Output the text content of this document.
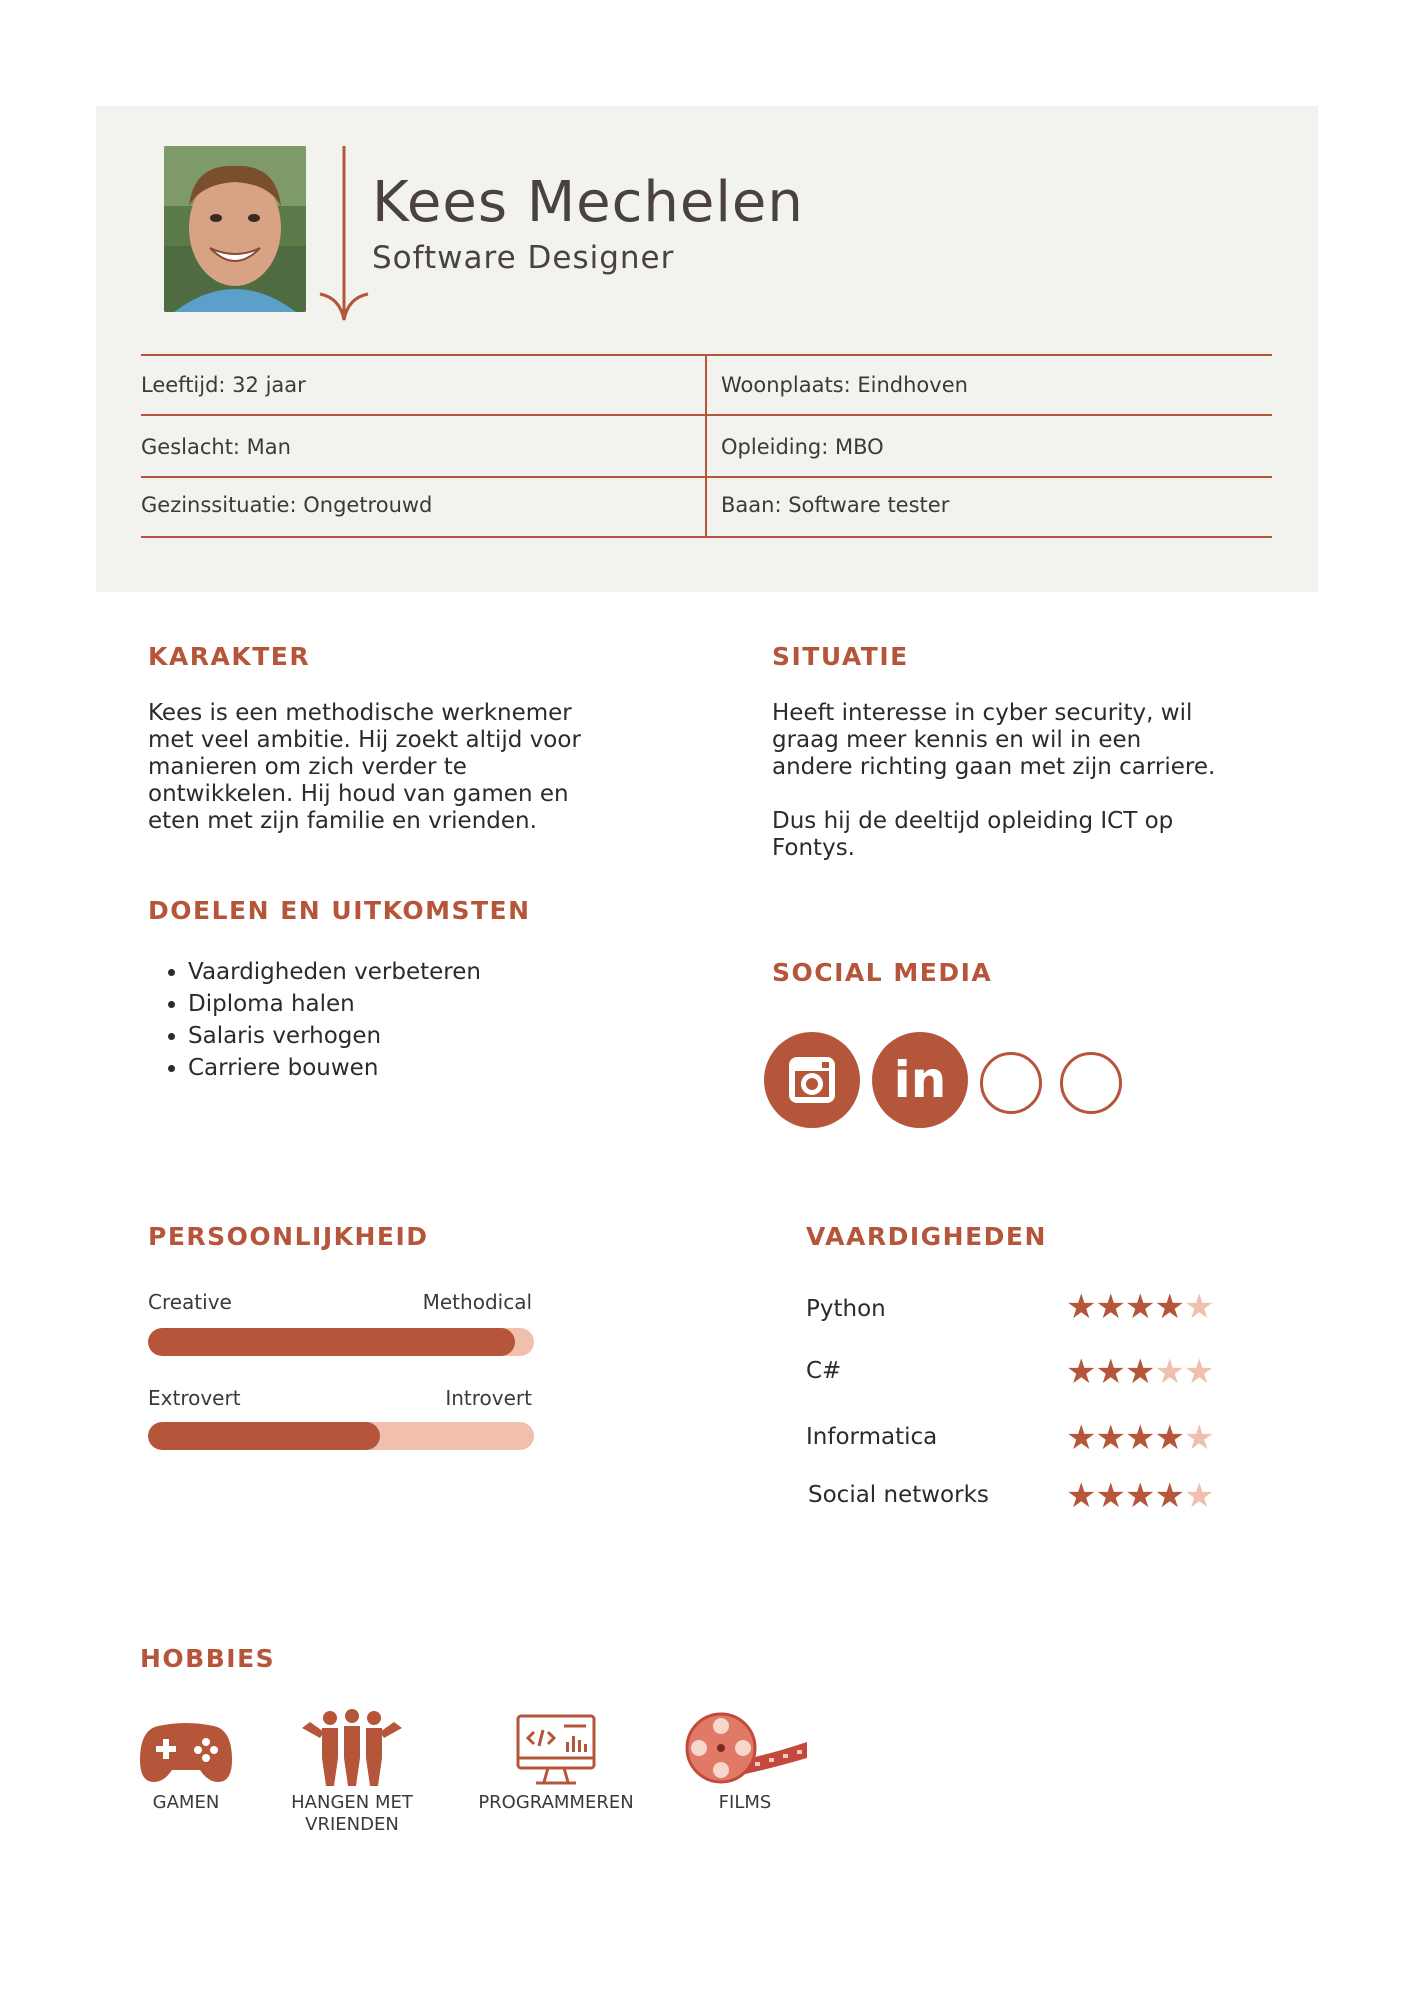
Kees Mechelen
Software Designer
Leeftijd: 32 jaar	Woonplaats: Eindhoven
Geslacht: Man	Opleiding: MBO
Gezinssituatie: Ongetrouwd	Baan: Software tester
KARAKTER
Kees is een methodische werknemer
met veel ambitie. Hij zoekt altijd voor
manieren om zich verder te
ontwikkelen. Hij houd van gamen en
eten met zijn familie en vrienden.
SITUATIE
Heeft interesse in cyber security, wil
graag meer kennis en wil in een
andere richting gaan met zijn carriere.

Dus hij de deeltijd opleiding ICT op
Fontys.
DOELEN EN UITKOMSTEN
• Vaardigheden verbeteren
• Diploma halen
• Salaris verhogen
• Carriere bouwen
SOCIAL MEDIA
in
PERSOONLIJKHEID
Creative	Methodical
Extrovert	Introvert
VAARDIGHEDEN
Python	★★★★★
C#	★★★★★
Informatica	★★★★★
Social networks ★★★★★
HOBBIES
GAMEN	HANGEN MET
VRIENDEN
PROGRAMMEREN	FILMS
